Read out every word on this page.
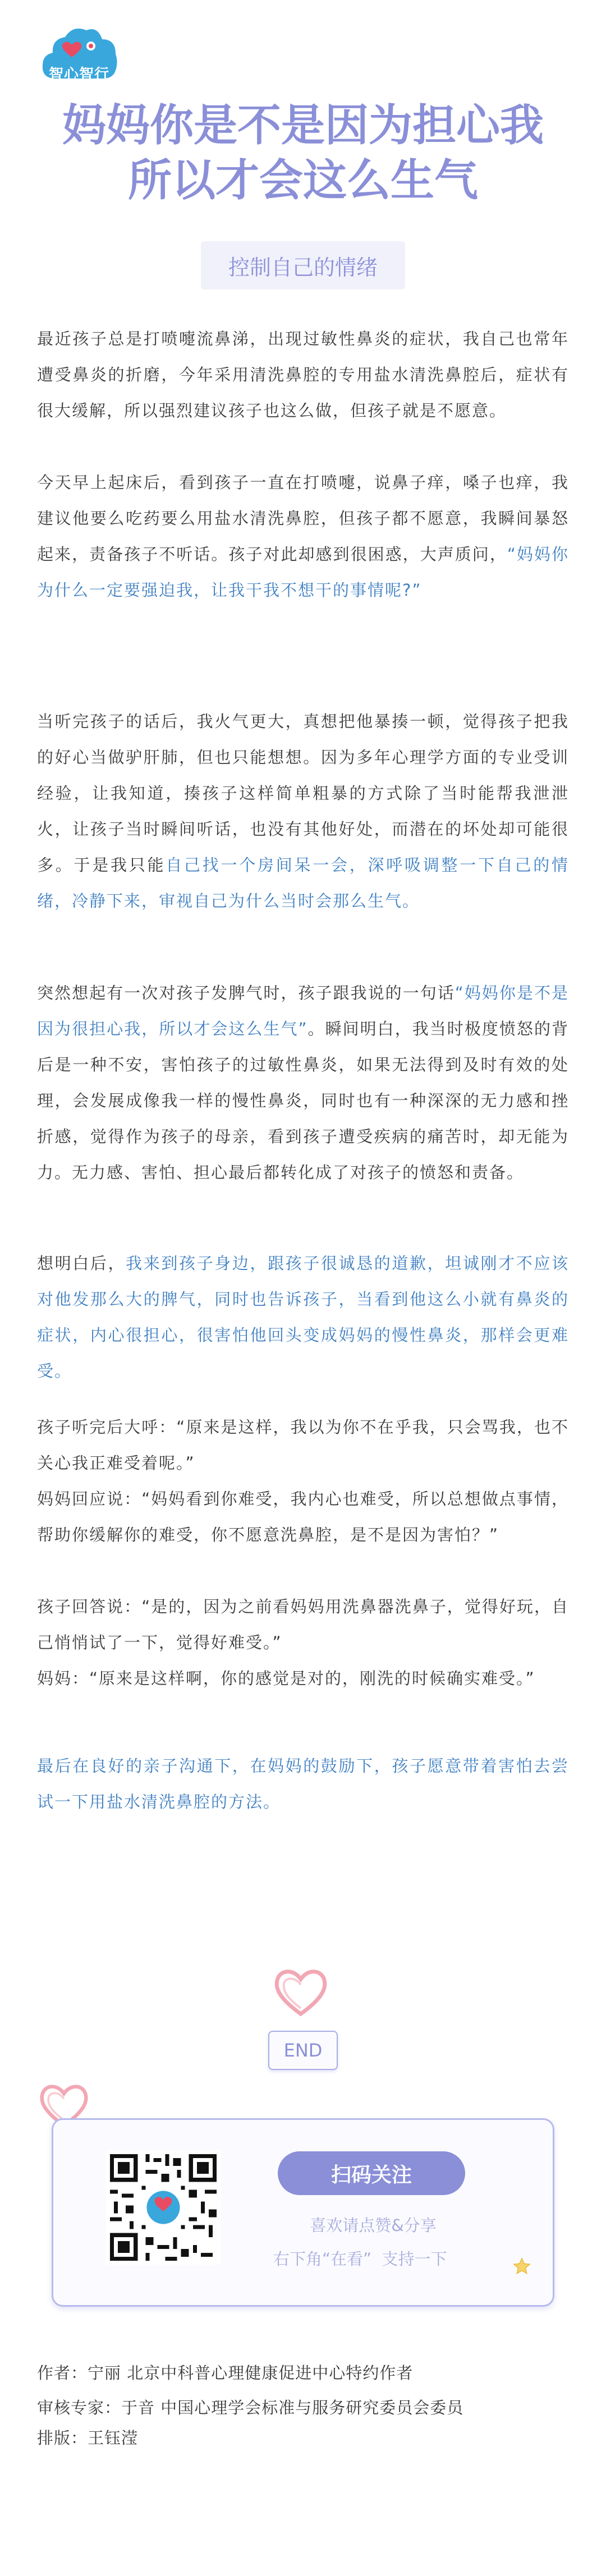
智心智行
妈妈你是不是因为担心我
所以才会这么生气
控制自己的情绪

最近孩子总是打喷嚏流鼻涕，出现过敏性鼻炎的症状，我自己也常年遭受鼻炎的折磨，今年采用清洗鼻腔的专用盐水清洗鼻腔后，症状有很大缓解，所以强烈建议孩子也这么做，但孩子就是不愿意。

今天早上起床后，看到孩子一直在打喷嚏，说鼻子痒，嗓子也痒，我建议他要么吃药要么用盐水清洗鼻腔，但孩子都不愿意，我瞬间暴怒起来，责备孩子不听话。孩子对此却感到很困惑，大声质问，“妈妈你为什么一定要强迫我，让我干我不想干的事情呢?”

当听完孩子的话后，我火气更大，真想把他暴揍一顿，觉得孩子把我的好心当做驴肝肺，但也只能想想。因为多年心理学方面的专业受训经验，让我知道，揍孩子这样简单粗暴的方式除了当时能帮我泄泄火，让孩子当时瞬间听话，也没有其他好处，而潜在的坏处却可能很多。于是我只能自己找一个房间呆一会，深呼吸调整一下自己的情绪，冷静下来，审视自己为什么当时会那么生气。

突然想起有一次对孩子发脾气时，孩子跟我说的一句话“妈妈你是不是因为很担心我，所以才会这么生气”。瞬间明白，我当时极度愤怒的背后是一种不安，害怕孩子的过敏性鼻炎，如果无法得到及时有效的处理，会发展成像我一样的慢性鼻炎，同时也有一种深深的无力感和挫折感，觉得作为孩子的母亲，看到孩子遭受疾病的痛苦时，却无能为力。无力感、害怕、担心最后都转化成了对孩子的愤怒和责备。

想明白后，我来到孩子身边，跟孩子很诚恳的道歉，坦诚刚才不应该对他发那么大的脾气，同时也告诉孩子，当看到他这么小就有鼻炎的症状，内心很担心，很害怕他回头变成妈妈的慢性鼻炎，那样会更难受。

孩子听完后大呼：“原来是这样，我以为你不在乎我，只会骂我，也不关心我正难受着呢。”

妈妈回应说：“妈妈看到你难受，我内心也难受，所以总想做点事情，帮助你缓解你的难受，你不愿意洗鼻腔，是不是因为害怕？”

孩子回答说：“是的，因为之前看妈妈用洗鼻器洗鼻子，觉得好玩，自己悄悄试了一下，觉得好难受。”

妈妈：“原来是这样啊，你的感觉是对的，刚洗的时候确实难受。”

最后在良好的亲子沟通下，在妈妈的鼓励下，孩子愿意带着害怕去尝试一下用盐水清洗鼻腔的方法。

END
扫码关注
喜欢请点赞&分享
右下角“在看”  支持一下
作者：宁丽 北京中科普心理健康促进中心特约作者
审核专家：于音 中国心理学会标准与服务研究委员会委员
排版：王钰滢
